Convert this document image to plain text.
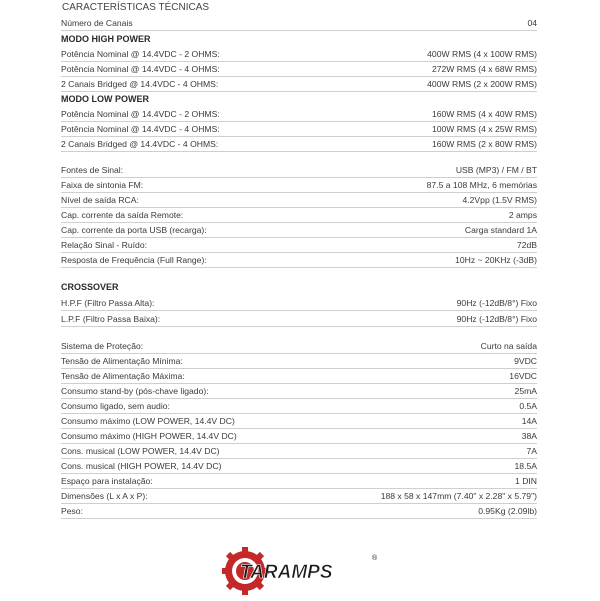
CARACTERÍSTICAS TÉCNICAS
Número de Canais	04
MODO HIGH POWER
Potência Nominal @ 14.4VDC - 2 OHMS:	400W RMS (4 x 100W RMS)
Potência Nominal @ 14.4VDC - 4 OHMS:	272W RMS (4 x 68W RMS)
2 Canais Bridged @ 14.4VDC - 4 OHMS:	400W RMS (2 x 200W RMS)
MODO LOW POWER
Potência Nominal @ 14.4VDC - 2 OHMS:	160W RMS (4 x 40W RMS)
Potência Nominal @ 14.4VDC - 4 OHMS:	100W RMS (4 x 25W RMS)
2 Canais Bridged @ 14.4VDC - 4 OHMS:	160W RMS (2 x 80W RMS)
Fontes de Sinal:	USB (MP3) / FM / BT
Faixa de sintonia FM:	87.5 a 108 MHz, 6 memórias
Nível de saída RCA:	4.2Vpp (1.5V RMS)
Cap. corrente da saída Remote:	2 amps
Cap. corrente da porta USB (recarga):	Carga standard 1A
Relação Sinal - Ruído:	72dB
Resposta de Frequência (Full Range):	10Hz ~ 20KHz (-3dB)
CROSSOVER
H.P.F (Filtro Passa Alta):	90Hz (-12dB/8°) Fixo
L.P.F (Filtro Passa Baixa):	90Hz (-12dB/8°) Fixo
Sistema de Proteção:	Curto na saída
Tensão de Alimentação Mínima:	9VDC
Tensão de Alimentação Máxima:	16VDC
Consumo stand-by (pós-chave ligado):	25mA
Consumo ligado, sem audio:	0.5A
Consumo máximo (LOW POWER, 14.4V DC)	14A
Consumo máximo (HIGH POWER, 14.4V DC)	38A
Cons. musical (LOW POWER, 14.4V DC)	7A
Cons. musical (HIGH POWER, 14.4V DC)	18.5A
Espaço para instalação:	1 DIN
Dimensões (L x A x P):	188 x 58 x 147mm (7.40" x 2.28" x 5.79")
Peso:	0.95Kg (2.09lb)
TARAMPS
®
